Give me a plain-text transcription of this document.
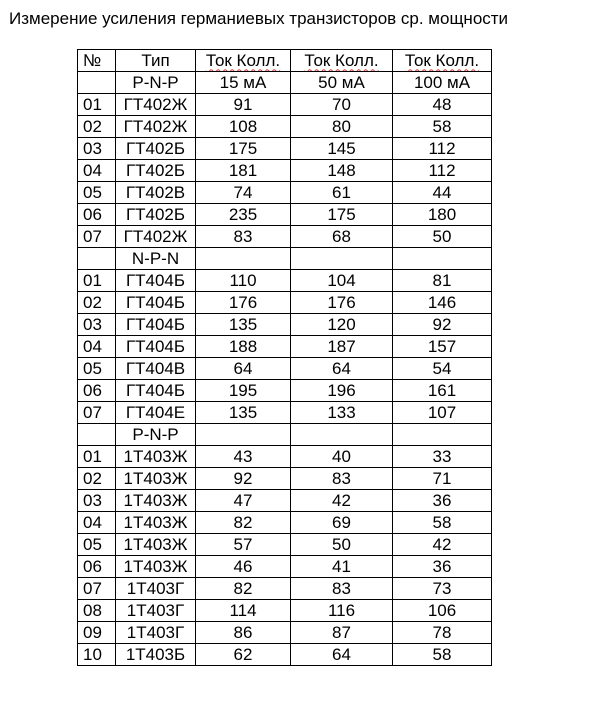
Измерение усиления германиевых транзисторов ср. мощности
№	Тип	Ток Колл.	Ток Колл.	Ток Колл.
	P-N-P	15 мА	50 мА	100 мА
01	ГТ402Ж	91	70	48
02	ГТ402Ж	108	80	58
03	ГТ402Б	175	145	112
04	ГТ402Б	181	148	112
05	ГТ402В	74	61	44
06	ГТ402Б	235	175	180
07	ГТ402Ж	83	68	50
	N-P-N			
01	ГТ404Б	110	104	81
02	ГТ404Б	176	176	146
03	ГТ404Б	135	120	92
04	ГТ404Б	188	187	157
05	ГТ404В	64	64	54
06	ГТ404Б	195	196	161
07	ГТ404Е	135	133	107
	P-N-P			
01	1Т403Ж	43	40	33
02	1Т403Ж	92	83	71
03	1Т403Ж	47	42	36
04	1Т403Ж	82	69	58
05	1Т403Ж	57	50	42
06	1Т403Ж	46	41	36
07	1Т403Г	82	83	73
08	1Т403Г	114	116	106
09	1Т403Г	86	87	78
10	1Т403Б	62	64	58
